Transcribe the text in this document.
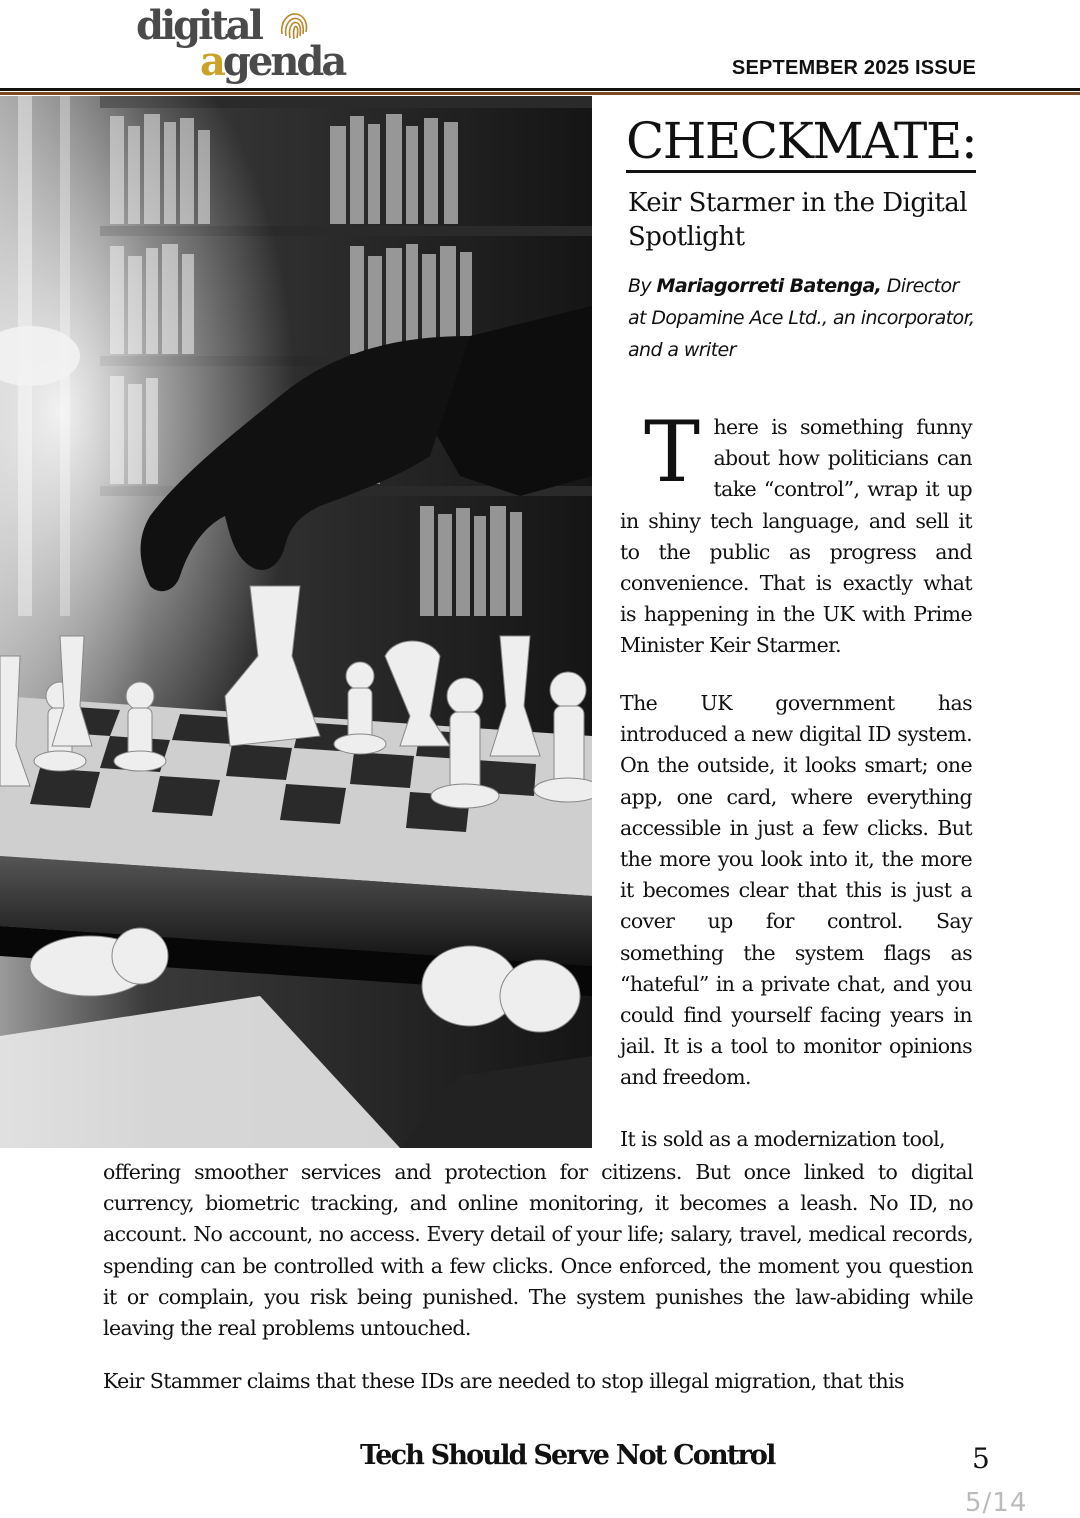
digital
agenda	SEPTEMBER 2025 ISSUE
CHECKMATE:
Keir Starmer in the Digital Spotlight
By Mariagorreti Batenga, Director at Dopamine Ace Ltd., an incorporator, and a writer
There is something funny about how politicians can take “control”, wrap it up in shiny tech language, and sell it to the public as progress and convenience. That is exactly what is happening in the UK with Prime Minister Keir Starmer.
The UK government has introduced a new digital ID system. On the outside, it looks smart; one app, one card, where everything accessible in just a few clicks. But the more you look into it, the more it becomes clear that this is just a cover up for control. Say something the system flags as “hateful” in a private chat, and you could find yourself facing years in jail. It is a tool to monitor opinions and freedom.
It is sold as a modernization tool,
offering smoother services and protection for citizens. But once linked to digital currency, biometric tracking, and online monitoring, it becomes a leash. No ID, no account. No account, no access. Every detail of your life; salary, travel, medical records, spending can be controlled with a few clicks. Once enforced, the moment you question it or complain, you risk being punished. The system punishes the law-abiding while leaving the real problems untouched.
Keir Stammer claims that these IDs are needed to stop illegal migration, that this
Tech Should Serve Not Control	5
5/14
